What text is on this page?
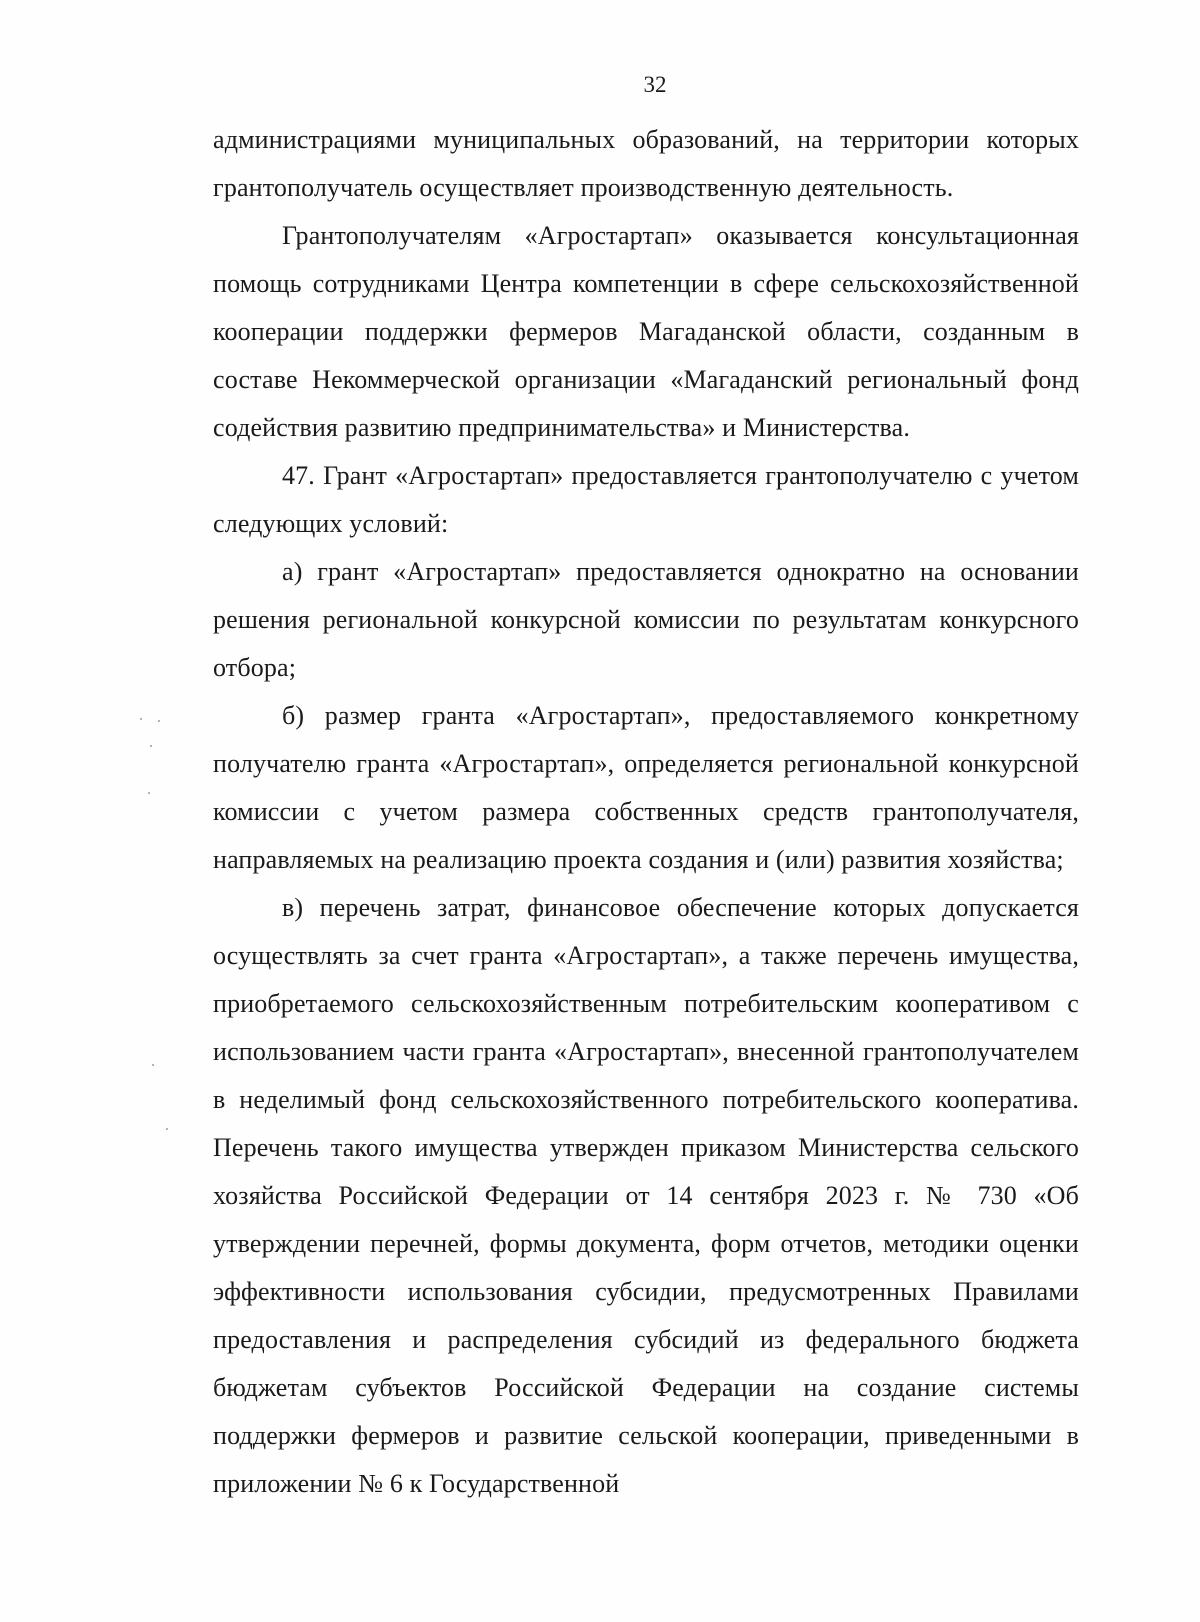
32

администрациями муниципальных образований, на территории которых грантополучатель осуществляет производственную деятельность.

Грантополучателям «Агростартап» оказывается консультационная помощь сотрудниками Центра компетенции в сфере сельскохозяйственной кооперации поддержки фермеров Магаданской области, созданным в составе Некоммерческой организации «Магаданский региональный фонд содействия развитию предпринимательства» и Министерства.

47. Грант «Агростартап» предоставляется грантополучателю с учетом следующих условий:

а) грант «Агростартап» предоставляется однократно на основании решения региональной конкурсной комиссии по результатам конкурсного отбора;

б) размер гранта «Агростартап», предоставляемого конкретному получателю гранта «Агростартап», определяется региональной конкурсной комиссии с учетом размера собственных средств грантополучателя, направляемых на реализацию проекта создания и (или) развития хозяйства;

в) перечень затрат, финансовое обеспечение которых допускается осуществлять за счет гранта «Агростартап», а также перечень имущества, приобретаемого сельскохозяйственным потребительским кооперативом с использованием части гранта «Агростартап», внесенной грантополучателем в неделимый фонд сельскохозяйственного потребительского кооператива. Перечень такого имущества утвержден приказом Министерства сельского хозяйства Российской Федерации от 14 сентября 2023 г. № 730 «Об утверждении перечней, формы документа, форм отчетов, методики оценки эффективности использования субсидии, предусмотренных Правилами предоставления и распределения субсидий из федерального бюджета бюджетам субъектов Российской Федерации на создание системы поддержки фермеров и развитие сельской кооперации, приведенными в приложении № 6 к Государственной
